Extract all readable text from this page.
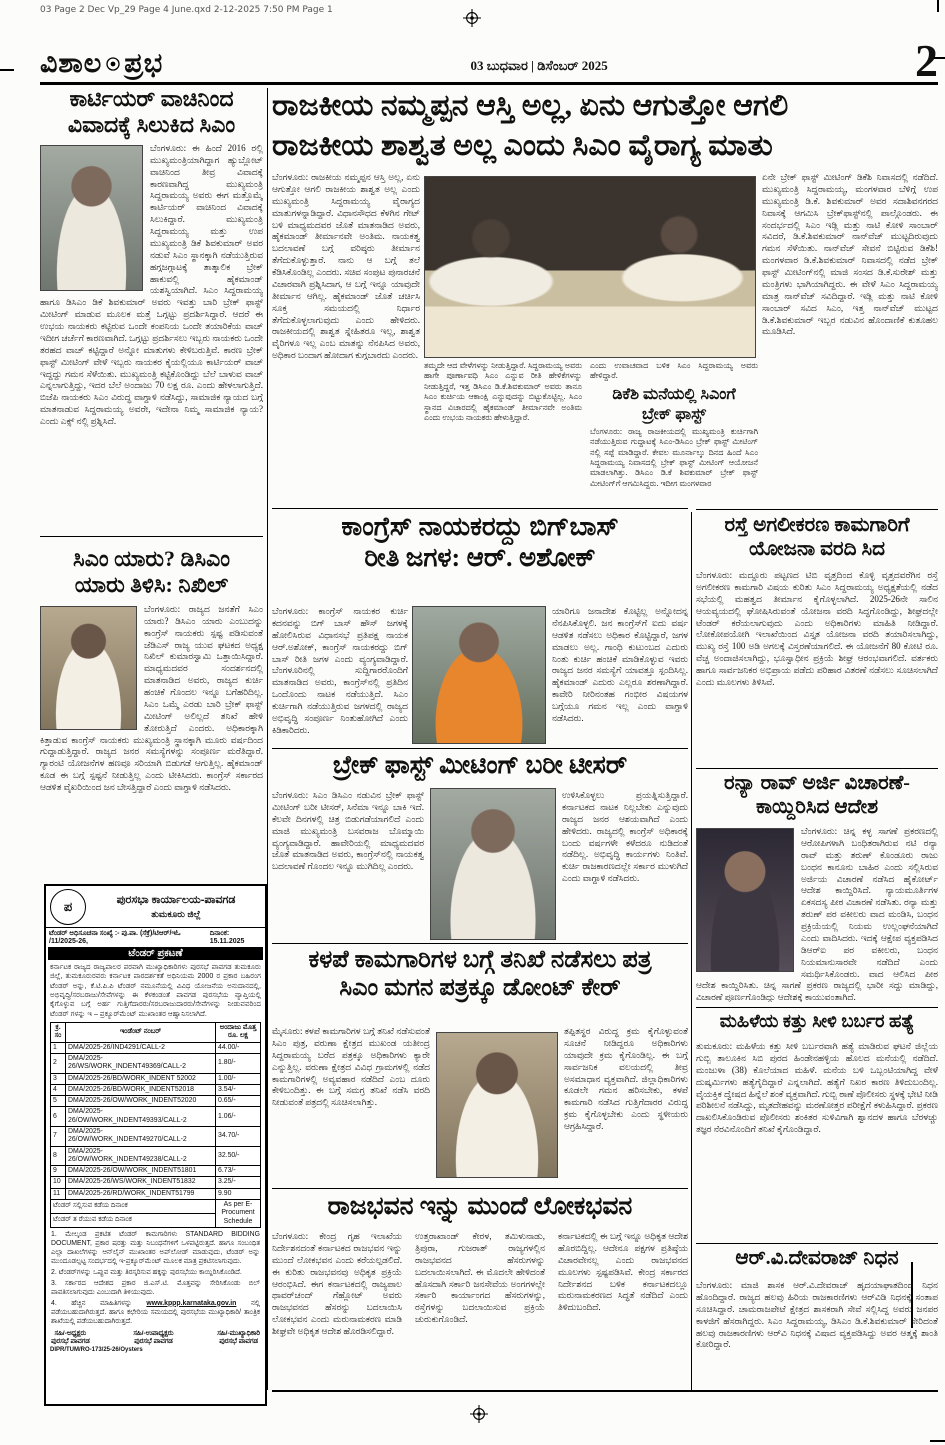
03 Page 2 Dec Vp_29 Page 4 June.qxd 2-12-2025 7:50 PM Page 1
ವಿಶಾಲ ಪ್ರಭ	03 ಬುಧವಾರ | ಡಿಸೆಂಬರ್ 2025	2
ಕಾರ್ಟಿಯರ್ ವಾಚಿನಿಂದ
ವಿವಾದಕ್ಕೆ ಸಿಲುಕಿದ ಸಿಎಂ
ಬೆಂಗಳೂರು: ಈ ಹಿಂದೆ 2016 ರಲ್ಲಿ ಮುಖ್ಯಮಂತ್ರಿಯಾಗಿದ್ದಾಗ ಹ್ಯುಬ್ಲೋಟ್ ವಾಚಿನಿಂದ ತೀವ್ರ ವಿವಾದಕ್ಕೆ ಕಾರಣವಾಗಿದ್ದ ಮುಖ್ಯಮಂತ್ರಿ ಸಿದ್ದರಾಮಯ್ಯ ಅವರು ಈಗ ಮತ್ತೊಮ್ಮೆ ಕಾರ್ಟಿಯರ್ ವಾಚಿನಿಂದ ವಿವಾದಕ್ಕೆ ಸಿಲುಕಿದ್ದಾರೆ. ಮುಖ್ಯಮಂತ್ರಿ ಸಿದ್ದರಾಮಯ್ಯ ಮತ್ತು ಉಪ ಮುಖ್ಯಮಂತ್ರಿ ಡಿಕೆ ಶಿವಕುಮಾರ್ ಅವರ ನಡುವೆ ಸಿಎಂ ಸ್ಥಾನಕ್ಕಾಗಿ ನಡೆಯುತ್ತಿರುವ ಹಗ್ಗಜಗ್ಗಾಟಕ್ಕೆ ತಾತ್ಕಾಲಿಕ ಬ್ರೇಕ್ ಹಾಕುವಲ್ಲಿ ಹೈಕಮಾಂಡ್ ಯಶಸ್ವಿಯಾಗಿದೆ. ಸಿಎಂ ಸಿದ್ದರಾಮಯ್ಯ ಹಾಗೂ ಡಿಸಿಎಂ ಡಿಕೆ ಶಿವಕುಮಾರ್ ಅವರು ಇವತ್ತು ಬಾರಿ ಬ್ರೇಕ್ ಫಾಸ್ಟ್ ಮೀಟಿಂಗ್ ಮಾಡುವ ಮೂಲಕ ಮತ್ತೆ ಒಗ್ಗಟ್ಟು ಪ್ರದರ್ಶಿಸಿದ್ದಾರೆ. ಆದರೆ ಈ ಉಭಯ ನಾಯಕರು ಕಟ್ಟಿರುವ ಒಂದೇ ಕಂಪನಿಯ ಒಂದೇ ತಯಾರಿಕೆಯ ವಾಚ್ ಇದೀಗ ಚರ್ಚೆಗೆ ಕಾರಣವಾಗಿದೆ. ಒಗ್ಗಟ್ಟು ಪ್ರದರ್ಶಿಸಲು ಇಬ್ಬರು ನಾಯಕರು ಒಂದೇ ತರಹದ ವಾಚ್ ಕಟ್ಟಿದ್ದಾರೆ ಅನ್ನೋ ಮಾತುಗಳು ಕೇಳಿಬರುತ್ತಿವೆ. ಕಾರಣ ಬ್ರೇಕ್ ಫಾಸ್ಟ್ ಮೀಟಿಂಗ್ ವೇಳೆ ಇಬ್ಬರು ನಾಯಕರ ಕೈಯಲ್ಲಿಯೂ ಕಾರ್ಟಿಯರ್ ವಾಚ್ ಇದ್ದದ್ದು ಗಮನ ಸೆಳೆಯಿತು. ಮುಖ್ಯಮಂತ್ರಿ ಕಟ್ಟಿಕೊಂಡಿದ್ದು ಬೆಲೆ ಬಾಳುವ ವಾಚ್ ಎನ್ನಲಾಗುತ್ತಿದ್ದು, ಇದರ ಬೆಲೆ ಅಂದಾಜು 70 ಲಕ್ಷ ರೂ. ಎಂದು ಹೇಳಲಾಗುತ್ತಿದೆ. ಬಿಜೆಪಿ ನಾಯಕರು ಸಿಎಂ ವಿರುದ್ಧ ವಾಗ್ದಾಳಿ ನಡೆಸಿದ್ದು, ಸಾಮಾಜಿಕ ನ್ಯಾಯದ ಬಗ್ಗೆ ಮಾತನಾಡುವ ಸಿದ್ದರಾಮಯ್ಯ ಅವರೇ, ಇದೇನಾ ನಿಮ್ಮ ಸಾಮಾಜಿಕ ನ್ಯಾಯ? ಎಂದು ಎಕ್ಸ್ ನಲ್ಲಿ ಪ್ರಶ್ನಿಸಿದೆ.
ಸಿಎಂ ಯಾರು? ಡಿಸಿಎಂ
ಯಾರು ತಿಳಿಸಿ: ನಿಖಿಲ್
ಬೆಂಗಳೂರು: ರಾಜ್ಯದ ಜನತೆಗೆ ಸಿಎಂ ಯಾರು? ಡಿಸಿಎಂ ಯಾರು ಎಂಬುದನ್ನು ಕಾಂಗ್ರೆಸ್ ನಾಯಕರು ಸ್ಪಷ್ಟ ಪಡಿಸುವಂತೆ ಜೆಡಿಎಸ್ ರಾಜ್ಯ ಯುವ ಘಟಕದ ಅಧ್ಯಕ್ಷ ನಿಖಿಲ್ ಕುಮಾರಸ್ವಾಮಿ ಒತ್ತಾಯಿಸಿದ್ದಾರೆ. ಮಾಧ್ಯಮದವರ ಸಂದರ್ಶನದಲ್ಲಿ ಮಾತನಾಡಿದ ಅವರು, ರಾಜ್ಯದ ಕುರ್ಚಿ ಹಂಚಿಕೆ ಗೊಂದಲ ಇನ್ನೂ ಬಗೆಹರಿದಿಲ್ಲ. ಸಿಎಂ ಒಮ್ಮೆ ಎರಡು ಬಾರಿ ಬ್ರೇಕ್ ಫಾಸ್ಟ್ ಮೀಟಿಂಗ್ ಅಲಿಲ್ಲದೆ ತನಿಖೆ ಹೇಳಿ ತೋರುತ್ತಿದೆ ಎಂದರು. ಅಧಿಕಾರಕ್ಕಾಗಿ ಕಿತ್ತಾಡುವ ಕಾಂಗ್ರೆಸ್ ನಾಯಕರು ಮುಖ್ಯಮಂತ್ರಿ ಸ್ಥಾನಕ್ಕಾಗಿ ಮೂರು ವರ್ಷದಿಂದ ಗುದ್ದಾಡುತ್ತಿದ್ದಾರೆ. ರಾಜ್ಯದ ಜನರ ಸಮಸ್ಯೆಗಳನ್ನು ಸಂಪೂರ್ಣ ಮರೆತಿದ್ದಾರೆ. ಗ್ಯಾರಂಟಿ ಯೋಜನೆಗಳ ಹಣವೂ ಸರಿಯಾಗಿ ಬಿಡುಗಡೆ ಆಗುತ್ತಿಲ್ಲ. ಹೈಕಮಾಂಡ್ ಕೂಡ ಈ ಬಗ್ಗೆ ಸ್ಪಷ್ಟನೆ ನೀಡುತ್ತಿಲ್ಲ ಎಂದು ಟೀಕಿಸಿದರು. ಕಾಂಗ್ರೆಸ್ ಸರ್ಕಾರದ ಆಡಳಿತ ವೈಖರಿಯಿಂದ ಜನ ಬೇಸತ್ತಿದ್ದಾರೆ ಎಂದು ವಾಗ್ದಾಳಿ ನಡೆಸಿದರು.
ಪ	ಪುರಸಭಾ ಕಾರ್ಯಾಲಯ-ಪಾವಗಡ
ತುಮಕೂರು ಜಿಲ್ಲೆ
ಟೆಂಡರ್ ಅಧಿಸೂಚನಾ ಸಂಖ್ಯೆ :- ಪು.ಪಾ. (ಸೆಕ್ರೆ)/ಟಿಆರ್/ಇಓ /11/2025-26,
ದಿನಾಂಕ: 15.11.2025
ಟೆಂಡರ್ ಪ್ರಕಟಣೆ
ಕರ್ನಾಟಕ ರಾಜ್ಯದ ರಾಜ್ಯಪಾಲರ ಪರವಾಗಿ ಮುಖ್ಯಾಧಿಕಾರಿಗಳು ಪುರಸಭೆ ಪಾವಗಡ ತುಮಕೂರು ಜಿಲ್ಲೆ, ತುಮಕೂರುರವರು ಕರ್ನಾಟಕ ಪಾರದರ್ಶಕತೆ ಅಧಿನಿಯಮ 2000 ರ ಪ್ರಕಾರ ಬಹಿರಂಗ ಟೆಂಡರ್ ಅನ್ನು, ಕೆ.ಟಿ.ಪಿ.ಪಿ ಟೆಂಡರ್ ನಮೂನೆಯಲ್ಲಿ ವಿವಿಧ ಯೋಜನೆಯ ಅನುದಾನದಲ್ಲಿ, ಅಭಿವೃದ್ಧಿ/ಸರಬರಾಜು/ಸೇವೆಗಳನ್ನು ಈ ಕೆಳಕಂಡಂತೆ ಪಾವಗಡ ಪುರಸಭೆಯ ವ್ಯಾಪ್ತಿಯಲ್ಲಿ ಕೈಗೊಳ್ಳುವ ಬಗ್ಗೆ ಅರ್ಹ ಗುತ್ತಿಗೆದಾರರು/ಸರಬರಾಜುದಾರರು/ಸೇವೆಗಳನ್ನು ನೀಡುವವರಿಂದ ಟೆಂಡರ್ ಗಳನ್ನು ಇ – ಪ್ರಕ್ಯೂರ್‌ಮೆಂಟ್ ಮುಖಾಂತರ ಆಹ್ವಾನಿಸಲಾಗಿದೆ.
ಕ್ರ. ಸಂ	ಇಂಡೆಂಟ್ ನಂಬರ್	ಅಂದಾಜು ಮೊತ್ತ
ರೂ. ಲಕ್ಷ
1	DMA/2025-26/IND4291/CALL-2	44.00/-
2	DMA/2025-26/WS/WORK_INDENT49369/CALL-2	1.80/-
3	DMA/2025-26/BD/WORK_INDENT 52002	1.00/-
4	DMA/2025-26/BD/WORK_INDENT52018	3.54/-
5	DMA/2025-26/OW/WORK_INDENT52020	0.65/-
6	DMA/2025-26/OW/WORK_INDENT49393/CALL-2	1.06/-
7	DMA/2025-26/OW/WORK_INDENT49270/CALL-2	34.70/-
8	DMA/2025-26/OW/WORK_INDENT49238/CALL-2	32.50/-
9	DMA/2025-26/OW/WORK_INDENT51801	6.73/-
10	DMA/2025-26/WS/WORK_INDENT51832	3.25/-
11	DMA/2025-26/RD/WORK_INDENT51799	9.90
ಟೆಂಡರ್ ಸಲ್ಲಿಸುವ ಕಡೆಯ ದಿನಾಂಕ		As per E-Procument Schedule
ಟೆಂಡರ್ ತ ರೆಯುವ ಕಡೆಯ ದಿನಾಂಕ		

1. ಮೇಲ್ಕಂಡ ಪ್ರಕಟಿತ ಟೆಂಡರ್ ಕಾಮಗಾರಿಗಳು STANDARD BIDDING DOCUMENT, ಪ್ರಕಾರ ಷರತ್ತು ಮತ್ತು ನಿಬಂಧನೆಗಳಿಗೆ ಒಳಪಟ್ಟಿರುತ್ತದೆ. ಹಾಗೂ ಸಂಬಂಧಿತ ಎಲ್ಲಾ ದಾಖಲೆಗಳನ್ನು ಆನ್‌ಲೈನ್ ಮುಖಾಂತರ ಅಪ್‌ಲೋಡ್ ಮಾಡುವುದು, ಟೆಂಡರ್ ಅನ್ನು ಮುಂದೂಡಲ್ಪಟ್ಟ ಸಂದರ್ಭದಲ್ಲಿ ಇ-ಪ್ರಕ್ಯೂರ್‌ಮೆಂಟ್ ಮೂಲಕ ಮಾತ್ರ ಪ್ರಕಟಿಸಲಾಗುವುದು.

2. ಟೆಂಡರ್‌ಗಳನ್ನು ಒಪ್ಪುವ ಮತ್ತು ತಿರಸ್ಕರಿಸುವ ಹಕ್ಕನ್ನು ಪುರಸಭೆಯು ಕಾಯ್ದಿರಿಸಿಕೊಂಡಿದೆ.

3. ಸರ್ಕಾರದ ಆದೇಶದ ಪ್ರಕಾರ ಜಿ.ಎಸ್.ಟಿ. ಮೊತ್ತವನ್ನು ಸೇರಿಸಿಕೊಂಡು ಬಿಲ್ ಪಾವತಿಸಲಾಗುವುದು ಎಂಬುದಾಗಿ ತಿಳಿಯುವುದು.

4. ಹೆಚ್ಚಿನ ಮಾಹಿತಿಗಳನ್ನು www.kppp.karnataka.gov.in ನಲ್ಲಿ ಪಡೆಯಬಹುದಾಗಿರುತ್ತದೆ. ಹಾಗೂ ಕಛೇರಿಯ ಸಮಯದಲ್ಲಿ ಪುರಸಭೆಯ ಮುಖ್ಯಾಧಿಕಾರಿ/ ತಾಂತ್ರಿಕ ಶಾಖೆಯಲ್ಲಿ ಪಡೆಯಬಹುದಾಗಿರುತ್ತದೆ.

ಸಹಿ/-ಅಧ್ಯಕ್ಷರು
ಪುರಸಭೆ ಪಾವಗಡ
ಸಹಿ/-ಉಪಾಧ್ಯಕ್ಷರು
ಪುರಸಭೆ ಪಾವಗಡ
ಸಹಿ/-ಮುಖ್ಯಾಧಿಕಾರಿ
ಪುರಸಭೆ ಪಾವಗಡ
DIPR/TUM/RO-173/25-26/Oysters
ರಾಜಕೀಯ ನಮ್ಮಪ್ಪನ ಆಸ್ತಿ ಅಲ್ಲ, ಏನು ಆಗುತ್ತೋ ಆಗಲಿ
ರಾಜಕೀಯ ಶಾಶ್ವತ ಅಲ್ಲ ಎಂದು ಸಿಎಂ ವೈರಾಗ್ಯ ಮಾತು
ಬೆಂಗಳೂರು: ರಾಜಕೀಯ ನಮ್ಮಪ್ಪನ ಆಸ್ತಿ ಅಲ್ಲ, ಏನು ಆಗುತ್ತೋ ಆಗಲಿ ರಾಜಕೀಯ ಶಾಶ್ವತ ಅಲ್ಲ ಎಂದು ಮುಖ್ಯಮಂತ್ರಿ ಸಿದ್ದರಾಮಯ್ಯ ವೈರಾಗ್ಯದ ಮಾತುಗಳನ್ನಾಡಿದ್ದಾರೆ. ವಿಧಾನಸೌಧದ ಕೆಳಗಿನ ಗೇಟ್ ಬಳಿ ಮಾಧ್ಯಮದವರ ಜೊತೆ ಮಾತನಾಡಿದ ಅವರು, ಹೈಕಮಾಂಡ್ ತೀರ್ಮಾನವೇ ಅಂತಿಮ. ನಾಯಕತ್ವ ಬದಲಾವಣೆ ಬಗ್ಗೆ ವರಿಷ್ಠರು ತೀರ್ಮಾನ ತೆಗೆದುಕೊಳ್ಳುತ್ತಾರೆ. ನಾನು ಆ ಬಗ್ಗೆ ತಲೆ ಕೆಡಿಸಿಕೊಂಡಿಲ್ಲ ಎಂದರು. ಸಚಿವ ಸಂಪುಟ ಪುನಾರಚನೆ ವಿಚಾರವಾಗಿ ಪ್ರಶ್ನಿಸಿದಾಗ, ಆ ಬಗ್ಗೆ ಇನ್ನೂ ಯಾವುದೇ ತೀರ್ಮಾನ ಆಗಿಲ್ಲ. ಹೈಕಮಾಂಡ್ ಜೊತೆ ಚರ್ಚಿಸಿ ಸೂಕ್ತ ಸಮಯದಲ್ಲಿ ನಿರ್ಧಾರ ತೆಗೆದುಕೊಳ್ಳಲಾಗುವುದು ಎಂದು ಹೇಳಿದರು. ರಾಜಕೀಯದಲ್ಲಿ ಶಾಶ್ವತ ಸ್ನೇಹಿತರೂ ಇಲ್ಲ, ಶಾಶ್ವತ ವೈರಿಗಳೂ ಇಲ್ಲ ಎಂಬ ಮಾತನ್ನು ನೆನಪಿಸಿದ ಅವರು, ಅಧಿಕಾರ ಬಂದಾಗ ಹೋದಾಗ ಕುಗ್ಗಬಾರದು ಎಂದರು.
ತಮ್ಮದೇ ಆದ ವೇಳೆಗಳನ್ನು ನೀಡುತ್ತಿದ್ದಾರೆ. ಸಿದ್ದರಾಮಯ್ಯ ಅವರು ಹಾಗೇ ಪೂರ್ಣಾವಧಿ ಸಿಎಂ ಎನ್ನುವ ರೀತಿ ಹೇಳಿಕೆಗಳನ್ನು ನೀಡುತ್ತಿದ್ದರೆ, ಇತ್ತ ಡಿಸಿಎಂ ಡಿ.ಕೆ.ಶಿವಕುಮಾರ್ ಅವರು ತಾನೂ ಸಿಎಂ ಕುರ್ಚಿಯ ಆಕಾಂಕ್ಷಿ ಎನ್ನುವುದನ್ನು ಬಿಟ್ಟುಕೊಟ್ಟಿಲ್ಲ. ಸಿಎಂ ಸ್ಥಾನದ ವಿಚಾರದಲ್ಲಿ ಹೈಕಮಾಂಡ್ ತೀರ್ಮಾನವೇ ಅಂತಿಮ ಎಂದು ಉಭಯ ನಾಯಕರು ಹೇಳುತ್ತಿದ್ದಾರೆ.
ಎಂದು ಉವಾಚವಾದ ಬಳಿಕ ಸಿಎಂ ಸಿದ್ದರಾಮಯ್ಯ ಅವರು ಹೇಳಿದ್ದಾರೆ.
ಡಿಕೆಶಿ ಮನೆಯಲ್ಲಿ ಸಿಎಂಗೆ
ಬ್ರೇಕ್ ಫಾಸ್ಟ್
ಬೆಂಗಳೂರು: ರಾಜ್ಯ ರಾಜಕೀಯದಲ್ಲಿ ಮುಖ್ಯಮಂತ್ರಿ ಕುರ್ಚಿಗಾಗಿ ನಡೆಯುತ್ತಿರುವ ಗುದ್ದಾಟಕ್ಕೆ ಸಿಎಂ-ಡಿಸಿಎಂ ಬ್ರೇಕ್ ಫಾಸ್ಟ್ ಮೀಟಿಂಗ್ ನಲ್ಲಿ ಸಪ್ಪೆ ಮಾಡಿದ್ದಾರೆ. ಕೇವಲ ಮೂರ್ನಾಲ್ಕು ದಿನದ ಹಿಂದೆ ಸಿಎಂ ಸಿದ್ದರಾಮಯ್ಯ ನಿವಾಸದಲ್ಲಿ ಬ್ರೇಕ್ ಫಾಸ್ಟ್ ಮೀಟಿಂಗ್ ಆಯೋಜನೆ ಮಾಡಲಾಗಿತ್ತು. ಡಿಸಿಎಂ ಡಿ.ಕೆ ಶಿವಕುಮಾರ್ ಬ್ರೇಕ್ ಫಾಸ್ಟ್ ಮೀಟಿಂಗ್‌ಗೆ ಆಗಮಿಸಿದ್ದರು. ಇದೀಗ ಮಂಗಳವಾರ
ಏನೇ ಬ್ರೇಕ್ ಫಾಸ್ಟ್ ಮೀಟಿಂಗ್ ಡಿಕೆಶಿ ನಿವಾಸದಲ್ಲಿ ನಡೆದಿದೆ. ಮುಖ್ಯಮಂತ್ರಿ ಸಿದ್ದರಾಮಯ್ಯ, ಮಂಗಳವಾರ ಬೆಳಿಗ್ಗೆ ಉಪ ಮುಖ್ಯಮಂತ್ರಿ ಡಿ.ಕೆ. ಶಿವಕುಮಾರ್ ಅವರ ಸದಾಶಿವನಗರದ ನಿವಾಸಕ್ಕೆ ಆಗಮಿಸಿ ಬ್ರೇಕ್‌ಫಾಸ್ಟ್‌ನಲ್ಲಿ ಪಾಲ್ಗೊಂಡರು. ಈ ಸಂದರ್ಭದಲ್ಲಿ ಸಿಎಂ ಇಡ್ಲಿ ಮತ್ತು ನಾಟಿ ಕೋಳಿ ಸಾಂಬಾರ್ ಸವಿದರೆ, ಡಿ.ಕೆ.ಶಿವಕುಮಾರ್ ನಾನ್‌ವೆಜ್ ಮುಟ್ಟದಿರುವುದು ಗಮನ ಸೆಳೆಯಿತು. ನಾನ್‌ವೆಜ್ ಸೇವನೆ ಬಿಟ್ಟಿರುವ ಡಿಕೆಶಿ! ಮಂಗಳವಾರ ಡಿ.ಕೆ.ಶಿವಕುಮಾರ್ ನಿವಾಸದಲ್ಲಿ ನಡೆದ ಬ್ರೇಕ್ ಫಾಸ್ಟ್ ಮೀಟಿಂಗ್‌ನಲ್ಲಿ ಮಾಜಿ ಸಂಸದ ಡಿ.ಕೆ.ಸುರೇಶ್ ಮತ್ತು ಮಂತ್ರಿಗಳು ಭಾಗಿಯಾಗಿದ್ದರು. ಈ ವೇಳೆ ಸಿಎಂ ಸಿದ್ದರಾಮಯ್ಯ ಮಾತ್ರ ನಾನ್‌ವೆಜ್ ಸವಿದಿದ್ದಾರೆ. ಇಡ್ಲಿ ಮತ್ತು ನಾಟಿ ಕೋಳಿ ಸಾಂಬಾರ್ ಸವಿದ ಸಿಎಂ, ಇತ್ತ ನಾನ್‌ವೆಜ್ ಮುಟ್ಟದ ಡಿ.ಕೆ.ಶಿವಕುಮಾರ್ ಇಬ್ಬರ ನಡುವಿನ ಹೊಂದಾಣಿಕೆ ಕುತೂಹಲ ಮೂಡಿಸಿದೆ.
ಕಾಂಗ್ರೆಸ್ ನಾಯಕರದ್ದು ಬಿಗ್‌ಬಾಸ್
ರೀತಿ ಜಗಳ: ಆರ್. ಅಶೋಕ್
ಬೆಂಗಳೂರು: ಕಾಂಗ್ರೆಸ್ ನಾಯಕರ ಕುರ್ಚಿ ಕದನವನ್ನು ಬಿಗ್ ಬಾಸ್ ಹೌಸ್ ಜಗಳಕ್ಕೆ ಹೋಲಿಸಿರುವ ವಿಧಾನಸಭೆ ಪ್ರತಿಪಕ್ಷ ನಾಯಕ ಆರ್.ಅಶೋಕ್, ಕಾಂಗ್ರೆಸ್ ನಾಯಕರದ್ದು ಬಿಗ್ ಬಾಸ್ ರೀತಿ ಜಗಳ ಎಂದು ವ್ಯಂಗ್ಯವಾಡಿದ್ದಾರೆ. ಬೆಂಗಳೂರಿನಲ್ಲಿ ಸುದ್ದಿಗಾರರೊಂದಿಗೆ ಮಾತನಾಡಿದ ಅವರು, ಕಾಂಗ್ರೆಸ್‌ನಲ್ಲಿ ಪ್ರತಿದಿನ ಒಂದೊಂದು ನಾಟಕ ನಡೆಯುತ್ತಿದೆ. ಸಿಎಂ ಕುರ್ಚಿಗಾಗಿ ನಡೆಯುತ್ತಿರುವ ಜಗಳದಲ್ಲಿ ರಾಜ್ಯದ ಅಭಿವೃದ್ಧಿ ಸಂಪೂರ್ಣ ನಿಂತುಹೋಗಿದೆ ಎಂದು ಕಿಡಿಕಾರಿದರು.
ಯಾರಿಗೂ ಜನಾದೇಶ ಕೊಟ್ಟಿಲ್ಲ ಅನ್ನೋದನ್ನ ನೆನಪಿಸಿಕೊಳ್ಳಲಿ. ಜನ ಕಾಂಗ್ರೆಸ್‌ಗೆ ಐದು ವರ್ಷ ಆಡಳಿತ ನಡೆಸಲು ಅಧಿಕಾರ ಕೊಟ್ಟಿದ್ದಾರೆ, ಜಗಳ ಮಾಡಲು ಅಲ್ಲ. ಗಾಂಧಿ ಕುಟುಂಬದ ಎದುರು ನಿಂತು ಕುರ್ಚಿ ಹಂಚಿಕೆ ಮಾಡಿಕೊಳ್ಳುವ ಇವರು ರಾಜ್ಯದ ಜನರ ಸಮಸ್ಯೆಗೆ ಯಾವತ್ತೂ ಸ್ಪಂದಿಸಿಲ್ಲ. ಹೈಕಮಾಂಡ್ ಎದುರು ಎಲ್ಲರೂ ಶರಣಾಗಿದ್ದಾರೆ. ಕಾವೇರಿ ನೀರಿನಂತಹ ಗಂಭೀರ ವಿಷಯಗಳ ಬಗ್ಗೆಯೂ ಗಮನ ಇಲ್ಲ ಎಂದು ವಾಗ್ದಾಳಿ ನಡೆಸಿದರು.
ಬ್ರೇಕ್ ಫಾಸ್ಟ್ ಮೀಟಿಂಗ್ ಬರೀ ಟೀಸರ್
ಬೆಂಗಳೂರು: ಸಿಎಂ ಡಿಸಿಎಂ ನಡುವಿನ ಬ್ರೇಕ್ ಫಾಸ್ಟ್ ಮೀಟಿಂಗ್ ಬರೀ ಟೀಸರ್, ಸಿನೆಮಾ ಇನ್ನೂ ಬಾಕಿ ಇದೆ. ಕೆಲವೇ ದಿನಗಳಲ್ಲಿ ಚಿತ್ರ ಬಿಡುಗಡೆಯಾಗಲಿದೆ ಎಂದು ಮಾಜಿ ಮುಖ್ಯಮಂತ್ರಿ ಬಸವರಾಜ ಬೊಮ್ಮಾಯಿ ವ್ಯಂಗ್ಯವಾಡಿದ್ದಾರೆ. ಹಾವೇರಿಯಲ್ಲಿ ಮಾಧ್ಯಮದವರ ಜೊತೆ ಮಾತನಾಡಿದ ಅವರು, ಕಾಂಗ್ರೆಸ್‌ನಲ್ಲಿ ನಾಯಕತ್ವ ಬದಲಾವಣೆ ಗೊಂದಲ ಇನ್ನೂ ಮುಗಿದಿಲ್ಲ ಎಂದರು.
ಉಳಿಸಿಕೊಳ್ಳಲು ಪ್ರಯತ್ನಿಸುತ್ತಿದ್ದಾರೆ. ಕರ್ನಾಟಕದ ನಾಟಕ ನಿಲ್ಲಬೇಕು ಎನ್ನುವುದು ರಾಜ್ಯದ ಜನರ ಆಶಯವಾಗಿದೆ ಎಂದು ಹೇಳಿದರು. ರಾಜ್ಯದಲ್ಲಿ ಕಾಂಗ್ರೆಸ್ ಅಧಿಕಾರಕ್ಕೆ ಬಂದು ವರ್ಷಗಳೇ ಕಳೆದರೂ ನುಡಿದಂತೆ ನಡೆದಿಲ್ಲ. ಅಭಿವೃದ್ಧಿ ಕಾರ್ಯಗಳು ನಿಂತಿವೆ. ಕುರ್ಚಿ ರಾಜಕಾರಣದಲ್ಲೇ ಸರ್ಕಾರ ಮುಳುಗಿದೆ ಎಂದು ವಾಗ್ದಾಳಿ ನಡೆಸಿದರು.
ಕಳಪೆ ಕಾಮಗಾರಿಗಳ ಬಗ್ಗೆ ತನಿಖೆ ನಡೆಸಲು ಪತ್ರ
ಸಿಎಂ ಮಗನ ಪತ್ರಕ್ಕೂ ಡೋಂಟ್ ಕೇರ್
ಮೈಸೂರು: ಕಳಪೆ ಕಾಮಗಾರಿಗಳ ಬಗ್ಗೆ ತನಿಖೆ ನಡೆಸುವಂತೆ ಸಿಎಂ ಪುತ್ರ, ವರುಣಾ ಕ್ಷೇತ್ರದ ಮುಖಂಡ ಯತೀಂದ್ರ ಸಿದ್ದರಾಮಯ್ಯ ಬರೆದ ಪತ್ರಕ್ಕೂ ಅಧಿಕಾರಿಗಳು ಕ್ಯಾರೇ ಎನ್ನುತ್ತಿಲ್ಲ. ವರುಣಾ ಕ್ಷೇತ್ರದ ವಿವಿಧ ಗ್ರಾಮಗಳಲ್ಲಿ ನಡೆದ ಕಾಮಗಾರಿಗಳಲ್ಲಿ ಅವ್ಯವಹಾರ ನಡೆದಿದೆ ಎಂಬ ದೂರು ಕೇಳಿಬಂದಿತ್ತು. ಈ ಬಗ್ಗೆ ಸಮಗ್ರ ತನಿಖೆ ನಡೆಸಿ ವರದಿ ನೀಡುವಂತೆ ಪತ್ರದಲ್ಲಿ ಸೂಚಿಸಲಾಗಿತ್ತು.
ತಪ್ಪಿತಸ್ಥರ ವಿರುದ್ಧ ಕ್ರಮ ಕೈಗೊಳ್ಳುವಂತೆ ಸೂಚನೆ ನೀಡಿದ್ದರೂ ಅಧಿಕಾರಿಗಳು ಯಾವುದೇ ಕ್ರಮ ಕೈಗೊಂಡಿಲ್ಲ. ಈ ಬಗ್ಗೆ ಸಾರ್ವಜನಿಕ ವಲಯದಲ್ಲಿ ತೀವ್ರ ಅಸಮಾಧಾನ ವ್ಯಕ್ತವಾಗಿದೆ. ಜಿಲ್ಲಾಧಿಕಾರಿಗಳು ಕೂಡಲೇ ಗಮನ ಹರಿಸಬೇಕು, ಕಳಪೆ ಕಾಮಗಾರಿ ನಡೆಸಿದ ಗುತ್ತಿಗೆದಾರರ ವಿರುದ್ಧ ಕ್ರಮ ಕೈಗೊಳ್ಳಬೇಕು ಎಂದು ಸ್ಥಳೀಯರು ಆಗ್ರಹಿಸಿದ್ದಾರೆ.
ರಾಜಭವನ ಇನ್ನು ಮುಂದೆ ಲೋಕಭವನ
ಬೆಂಗಳೂರು: ಕೇಂದ್ರ ಗೃಹ ಇಲಾಖೆಯ ನಿರ್ದೇಶನದಂತೆ ಕರ್ನಾಟಕದ ರಾಜಭವನ ಇನ್ನು ಮುಂದೆ ಲೋಕಭವನ ಎಂದು ಕರೆಯಲ್ಪಡಲಿದೆ. ಈ ಕುರಿತು ರಾಜಭವನವು ಅಧಿಕೃತ ಪ್ರಕ್ರಿಯೆ ಆರಂಭಿಸಿದೆ. ಈಗ ಕರ್ನಾಟಕದಲ್ಲಿ ರಾಜ್ಯಪಾಲ ಥಾವರ್‌ಚಂದ್ ಗೆಹ್ಲೋಟ್ ಅವರು ರಾಜಭವನದ ಹೆಸರನ್ನು ಬದಲಾಯಿಸಿ ಲೋಕಭವನ ಎಂದು ಮರುನಾಮಕರಣ ಮಾಡಿ ಶೀಘ್ರವೇ ಅಧಿಕೃತ ಆದೇಶ ಹೊರಡಿಸಲಿದ್ದಾರೆ.
ಉತ್ತರಾಖಾಂಡ್ ಕೇರಳ, ತಮಿಳುನಾಡು, ತ್ರಿಪುರಾ, ಗುಜರಾತ್ ರಾಜ್ಯಗಳಲ್ಲಿನ ರಾಜಭವನದ ಹೆಸರುಗಳನ್ನು ಬದಲಾಯಿಸಲಾಗಿದೆ. ಈ ಮೊದಲೇ ಹೇಳಿದಂತೆ ಹೊಸದಾಗಿ ಸರ್ಕಾರಿ ಜನಸೇವೆಯ ಅಂಗಗಳಲ್ಲೇ ಸರ್ಕಾರಿ ಕಾರ್ಯಾಂಗದ ಹೆಸರುಗಳನ್ನು, ರಸ್ತೆಗಳನ್ನು ಬದಲಾಯಿಸುವ ಪ್ರಕ್ರಿಯೆ ಚುರುಕುಗೊಂಡಿದೆ.
ಕರ್ನಾಟಕದಲ್ಲಿ ಈ ಬಗ್ಗೆ ಇನ್ನೂ ಅಧಿಕೃತ ಆದೇಶ ಹೊರಬಿದ್ದಿಲ್ಲ. ಆದೇನೂ ಪಕ್ಷಗಳ ಪ್ರತಿಷ್ಠೆಯ ವಿಚಾರವೇನಲ್ಲ ಎಂದು ರಾಜಭವನದ ಮೂಲಗಳು ಸ್ಪಷ್ಟಪಡಿಸಿವೆ. ಕೇಂದ್ರ ಸರ್ಕಾರದ ನಿರ್ದೇಶನದ ಬಳಿಕ ಕರ್ನಾಟಕದಲ್ಲೂ ಮರುನಾಮಕರಣದ ಸಿದ್ಧತೆ ನಡೆದಿದೆ ಎಂದು ತಿಳಿದುಬಂದಿದೆ.
ರಸ್ತೆ ಅಗಲೀಕರಣ ಕಾಮಗಾರಿಗೆ
ಯೋಜನಾ ವರದಿ ಸಿದ
ಬೆಂಗಳೂರು: ಮದ್ದೂರು ಪಟ್ಟಣದ ಟಿಬಿ ವೃತ್ತದಿಂದ ಕೊಳ್ಳಿ ವೃತ್ತದವರೆಗಿನ ರಸ್ತೆ ಅಗಲೀಕರಣ ಕಾಮಗಾರಿ ವಿಷಯ ಕುರಿತು ಸಿಎಂ ಸಿದ್ದರಾಮಯ್ಯ ಅಧ್ಯಕ್ಷತೆಯಲ್ಲಿ ನಡೆದ ಸಭೆಯಲ್ಲಿ ಮಹತ್ವದ ತೀರ್ಮಾನ ಕೈಗೊಳ್ಳಲಾಗಿದೆ. 2025-26ನೇ ಸಾಲಿನ ಆಯವ್ಯಯದಲ್ಲಿ ಘೋಷಿಸಿರುವಂತೆ ಯೋಜನಾ ವರದಿ ಸಿದ್ಧಗೊಂಡಿದ್ದು, ಶೀಘ್ರದಲ್ಲೇ ಟೆಂಡರ್ ಕರೆಯಲಾಗುವುದು ಎಂದು ಅಧಿಕಾರಿಗಳು ಮಾಹಿತಿ ನೀಡಿದ್ದಾರೆ. ಲೋಕೋಪಯೋಗಿ ಇಲಾಖೆಯಿಂದ ವಿಸ್ತೃತ ಯೋಜನಾ ವರದಿ ತಯಾರಿಸಲಾಗಿದ್ದು, ಮುಖ್ಯ ರಸ್ತೆ 100 ಅಡಿ ಅಗಲಕ್ಕೆ ವಿಸ್ತರಣೆಯಾಗಲಿದೆ. ಈ ಯೋಜನೆಗೆ 80 ಕೋಟಿ ರೂ. ವೆಚ್ಚ ಅಂದಾಜಿಸಲಾಗಿದ್ದು, ಭೂಸ್ವಾಧೀನ ಪ್ರಕ್ರಿಯೆ ಶೀಘ್ರ ಆರಂಭವಾಗಲಿದೆ. ವರ್ತಕರು ಹಾಗೂ ಸಾರ್ವಜನಿಕರ ಅಭಿಪ್ರಾಯ ಪಡೆದು ಪರಿಹಾರ ವಿತರಣೆ ನಡೆಸಲು ಸೂಚಿಸಲಾಗಿದೆ ಎಂದು ಮೂಲಗಳು ತಿಳಿಸಿವೆ.
ರನ್ಯಾ ರಾವ್ ಅರ್ಜಿ ವಿಚಾರಣೆ-
ಕಾಯ್ದಿರಿಸಿದ ಆದೇಶ
ಬೆಂಗಳೂರು: ಚಿನ್ನ ಕಳ್ಳ ಸಾಗಣೆ ಪ್ರಕರಣದಲ್ಲಿ ಆರೋಪಿಗಳಾಗಿ ಬಂಧಿತರಾಗಿರುವ ನಟಿ ರನ್ಯಾ ರಾವ್ ಮತ್ತು ತರುಣ್ ಕೊಂಡೂರು ರಾಜು ಬಂಧನ ಕಾನೂನು ಬಾಹಿರ ಎಂದು ಸಲ್ಲಿಸಿರುವ ಅರ್ಜಿಯ ವಿಚಾರಣೆ ನಡೆಸಿದ ಹೈಕೋರ್ಟ್ ಆದೇಶ ಕಾಯ್ದಿರಿಸಿದೆ. ನ್ಯಾಯಮೂರ್ತಿಗಳ ಏಕಸದಸ್ಯ ಪೀಠ ವಿಚಾರಣೆ ನಡೆಸಿತು. ರನ್ಯಾ ಮತ್ತು ತರುಣ್ ಪರ ವಕೀಲರು ವಾದ ಮಂಡಿಸಿ, ಬಂಧನ ಪ್ರಕ್ರಿಯೆಯಲ್ಲಿ ನಿಯಮ ಉಲ್ಲಂಘನೆಯಾಗಿದೆ ಎಂದು ವಾದಿಸಿದರು. ಇದಕ್ಕೆ ಆಕ್ಷೇಪ ವ್ಯಕ್ತಪಡಿಸಿದ ಡಿಆರ್‌ಐ ಪರ ವಕೀಲರು, ಬಂಧನ ನಿಯಮಾನುಸಾರವೇ ನಡೆದಿದೆ ಎಂದು ಸಮರ್ಥಿಸಿಕೊಂಡರು. ವಾದ ಆಲಿಸಿದ ಪೀಠ ಆದೇಶ ಕಾಯ್ದಿರಿಸಿತು. ಚಿನ್ನ ಸಾಗಣೆ ಪ್ರಕರಣ ರಾಜ್ಯದಲ್ಲಿ ಭಾರೀ ಸದ್ದು ಮಾಡಿದ್ದು, ವಿಚಾರಣೆ ಪೂರ್ಣಗೊಂಡಿದ್ದು ಆದೇಶಕ್ಕೆ ಕಾಯುವಂತಾಗಿದೆ.
ಮಹಿಳೆಯ ಕತ್ತು ಸೀಳಿ ಬರ್ಬರ ಹತ್ಯೆ
ತುಮಕೂರು: ಮಹಿಳೆಯ ಕತ್ತು ಸೀಳಿ ಬರ್ಬರವಾಗಿ ಹತ್ಯೆ ಮಾಡಿರುವ ಘಟನೆ ಜಿಲ್ಲೆಯ ಗುಬ್ಬಿ ತಾಲೂಕಿನ ಸಿಬಿ ಪುರದ ಹಿಂಡೇನಹಳ್ಳಿಯ ಹೊಲದ ಮನೆಯಲ್ಲಿ ನಡೆದಿದೆ. ಮಂಜುಳಾ (38) ಕೊಲೆಯಾದ ಮಹಿಳೆ. ಮನೆಯ ಬಳಿ ಒಬ್ಬಂಟಿಯಾಗಿದ್ದ ವೇಳೆ ದುಷ್ಕರ್ಮಿಗಳು ಹತ್ಯೆಗೈದಿದ್ದಾರೆ ಎನ್ನಲಾಗಿದೆ. ಹತ್ಯೆಗೆ ನಿಖರ ಕಾರಣ ತಿಳಿದುಬಂದಿಲ್ಲ. ವೈಯಕ್ತಿಕ ದ್ವೇಷದ ಹಿನ್ನೆಲೆ ಶಂಕೆ ವ್ಯಕ್ತವಾಗಿದೆ. ಗುಬ್ಬಿ ಠಾಣೆ ಪೊಲೀಸರು ಸ್ಥಳಕ್ಕೆ ಭೇಟಿ ನೀಡಿ ಪರಿಶೀಲನೆ ನಡೆಸಿದ್ದು, ಮೃತದೇಹವನ್ನು ಮರಣೋತ್ತರ ಪರೀಕ್ಷೆಗೆ ಕಳುಹಿಸಿದ್ದಾರೆ. ಪ್ರಕರಣ ದಾಖಲಿಸಿಕೊಂಡಿರುವ ಪೊಲೀಸರು ಶಂಕಿತರ ಸುಳಿವಿಗಾಗಿ ಶ್ವಾನದಳ ಹಾಗೂ ಬೆರಳಚ್ಚು ತಜ್ಞರ ನೆರವಿನೊಂದಿಗೆ ತನಿಖೆ ಕೈಗೊಂಡಿದ್ದಾರೆ.
ಆರ್.ವಿ.ದೇವರಾಜ್ ನಿಧನ
ಬೆಂಗಳೂರು: ಮಾಜಿ ಶಾಸಕ ಆರ್.ವಿ.ದೇವರಾಜ್ ಹೃದಯಾಘಾತದಿಂದ ನಿಧನ ಹೊಂದಿದ್ದಾರೆ. ರಾಜ್ಯದ ಹಲವು ಹಿರಿಯ ರಾಜಕಾರಣಿಗಳು ಆರ್‌ವಿಡಿ ನಿಧನಕ್ಕೆ ಸಂತಾಪ ಸೂಚಿಸಿದ್ದಾರೆ. ಚಾಮರಾಜಪೇಟೆ ಕ್ಷೇತ್ರದ ಶಾಸಕರಾಗಿ ಸೇವೆ ಸಲ್ಲಿಸಿದ್ದ ಅವರು ಜನಪರ ಕಾಳಜಿಗೆ ಹೆಸರಾಗಿದ್ದರು. ಸಿಎಂ ಸಿದ್ದರಾಮಯ್ಯ, ಡಿಸಿಎಂ ಡಿ.ಕೆ.ಶಿವಕುಮಾರ್ ಸೇರಿದಂತೆ ಹಲವು ರಾಜಕಾರಣಿಗಳು ಆರ್‌ವಿ ನಿಧನಕ್ಕೆ ವಿಷಾದ ವ್ಯಕ್ತಪಡಿಸಿದ್ದು ಅವರ ಆತ್ಮಕ್ಕೆ ಶಾಂತಿ ಕೋರಿದ್ದಾರೆ.
